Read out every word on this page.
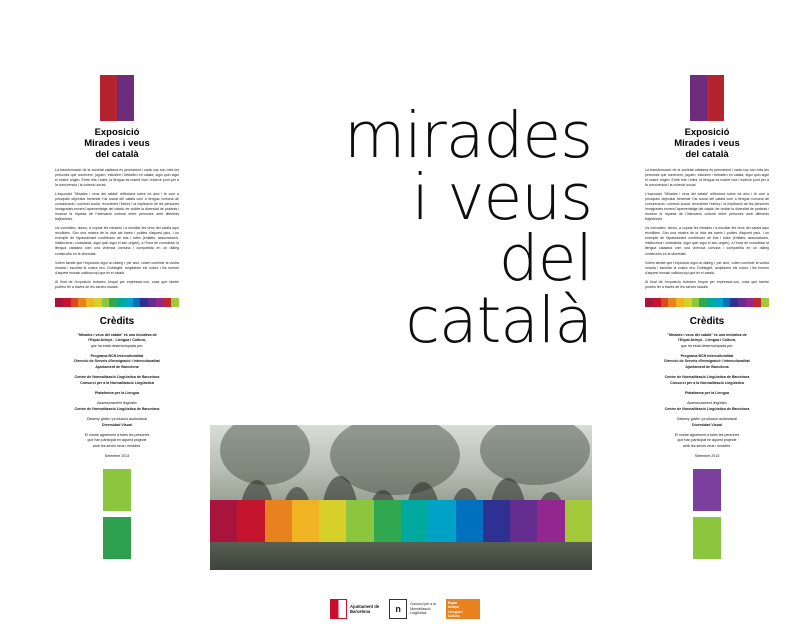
Exposició
Mirades i veus
del català

La transformació de la societat catalana és permanent i cada cop són més les persones que coneixem, juguen, estudien i treballen en català, sigui quin sigui el nostre origen. Entre tots i totes, la llengua es manté viva i esdevé punt per a la convivència i la cohesió social.

L'exposició "Mirades i veus del català" reflexiona sobre tot això i té com a principals objectius fomentar l'ús social del català com a llengua comuna de comunicació i cohesió social, reconèixer l'esforç i la implicació de les persones immigrades envers l'aprenentatge del català, fer visible la diversitat de parlants i mostrar la riquesa de l'intercanvi cultural entre persones amb diferents trajectòries.

Us convidem, doncs, a copsar les mirades i a escoltar les veus del català aquí recollides. Són una mostra de la vida als barris i pobles d'aquest país, i un exemple de l'apassionant contribució de tots i totes (entitats, associacions, institucions i ciutadania, sigui quin sigui el seu origen), a l'hora de consolidar la llengua catalana com una vivència comuna i compartida en un diàleg constructiu en la diversitat.

Volem també que l'exposició sigui un diàleg i, per això, volem conèixer la vostra mirada i escoltar la vostra veu. Dubtageit, ampliarem els colors i les formes d'aquest mosaic calidoscopi que és el català.

Al final de l'exposició trobareu l'espai per expressar-vos, cosa que també podreu fer a través de les xarxes socials.

Crèdits
"Mirades i veus del català" és una iniciativa de
l'Espai Avinyó - Llengua i Cultura,
que ha estat desenvolupada per:
Programa BCN Interculturalitat
Direcció de Serveis d'Immigració i Interculturalitat
Ajuntament de Barcelona
Centre de Normalització Lingüística de Barcelona
Consorci per a la Normalització Lingüística
Plataforma per la Llengua
Assessorament lingüístic
Centre de Normalització Lingüística de Barcelona
Disseny gràfic i producció audiovisual
Diversidad Visual
El nostre agraïment a totes les persones
que han participat en aquest projecte
amb les seves veus i mirades.
Setembre 2013
mirades
i veus
del
català
Exposició
Mirades i veus
del català

La transformació de la societat catalana és permanent i cada cop són més les persones que coneixem, juguen, estudien i treballen en català, sigui quin sigui el nostre origen. Entre tots i totes, la llengua es manté viva i esdevé punt per a la convivència i la cohesió social.

L'exposició "Mirades i veus del català" reflexiona sobre tot això i té com a principals objectius fomentar l'ús social del català com a llengua comuna de comunicació i cohesió social, reconèixer l'esforç i la implicació de les persones immigrades envers l'aprenentatge del català, fer visible la diversitat de parlants i mostrar la riquesa de l'intercanvi cultural entre persones amb diferents trajectòries.

Us convidem, doncs, a copsar les mirades i a escoltar les veus del català aquí recollides. Són una mostra de la vida als barris i pobles d'aquest país, i un exemple de l'apassionant contribució de tots i totes (entitats, associacions, institucions i ciutadania, sigui quin sigui el seu origen), a l'hora de consolidar la llengua catalana com una vivència comuna i compartida en un diàleg constructiu en la diversitat.

Volem també que l'exposició sigui un diàleg i, per això, volem conèixer la vostra mirada i escoltar la vostra veu. Dubtageit, ampliarem els colors i les formes d'aquest mosaic calidoscopi que és el català.

Al final de l'exposició trobareu l'espai per expressar-vos, cosa que també podreu fer a través de les xarxes socials.

Crèdits
"Mirades i veus del català" és una iniciativa de
l'Espai Avinyó - Llengua i Cultura,
que ha estat desenvolupada per:
Programa BCN Interculturalitat
Direcció de Serveis d'Immigració i Interculturalitat
Ajuntament de Barcelona
Centre de Normalització Lingüística de Barcelona
Consorci per a la Normalització Lingüística
Plataforma per la Llengua
Assessorament lingüístic
Centre de Normalització Lingüística de Barcelona
Disseny gràfic i producció audiovisual
Diversidad Visual
El nostre agraïment a totes les persones
que han participat en aquest projecte
amb les seves veus i mirades.
Setembre 2013
Ajuntament de
Barcelona	n	Consorci per a la
Normalització
Lingüística
Espai
Avinyó
Llengua i
Cultura
